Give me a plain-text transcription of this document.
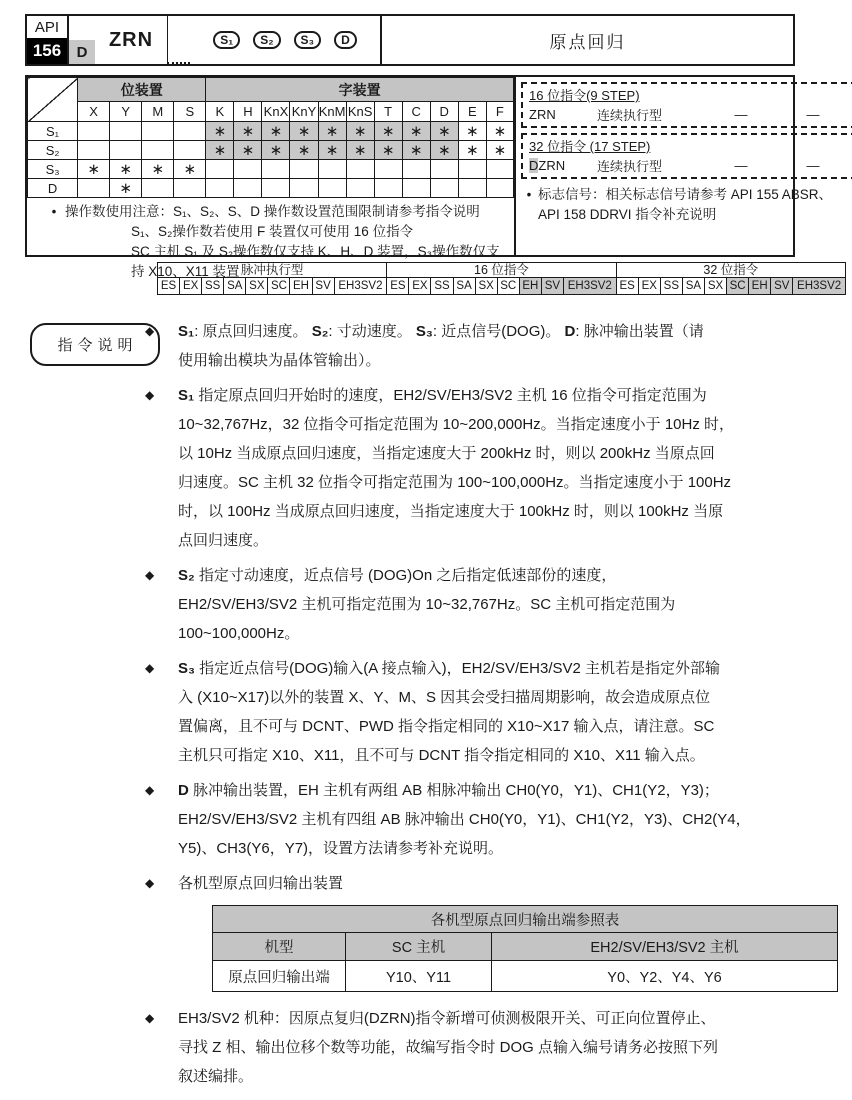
API
156	D
ZRN	S₁	S₂	S₃	D	原点回归
	位装置				字装置										
	X	Y	M	S	K	H	KnX	KnY	KnM	KnS	T	C	D	E	F
S₁					∗	∗	∗	∗	∗	∗	∗	∗	∗	∗	∗
S₂					∗	∗	∗	∗	∗	∗	∗	∗	∗	∗	∗
S₃	∗	∗	∗	∗											
D		∗													
• 操作数使用注意：S₁、S₂、S、D 操作数设置范围限制请参考指令说明
S₁、S₂操作数若使用 F 装置仅可使用 16 位指令
SC 主机 S₁ 及 S₂操作数仅支持 K、H、D 装置，S₃操作数仅支持 X10、X11 装置
16 位指令(9 STEP)
ZRN	连续执行型	—	—
32 位指令 (17 STEP)
DZRN	连续执行型	—	—
• 标志信号：相关标志信号请参考 API 155 ABSR、
API 158 DDRVI 指令补充说明
脉冲执行型
ES EX SS SA SX SC EH SV EH3SV2
16 位指令
ES EX SS SA SX SC EH SV EH3SV2
32 位指令
ES EX SS SA SX SC EH SV EH3SV2
指令说明
◆ S₁: 原点回归速度。 S₂: 寸动速度。 S₃: 近点信号(DOG)。 D: 脉冲输出装置（请
使用输出模块为晶体管输出）。
◆ S₁ 指定原点回归开始时的速度，EH2/SV/EH3/SV2 主机 16 位指令可指定范围为
10~32,767Hz，32 位指令可指定范围为 10~200,000Hz。当指定速度小于 10Hz 时，
以 10Hz 当成原点回归速度，当指定速度大于 200kHz 时，则以 200kHz 当原点回
归速度。SC 主机 32 位指令可指定范围为 100~100,000Hz。当指定速度小于 100Hz
时，以 100Hz 当成原点回归速度，当指定速度大于 100kHz 时，则以 100kHz 当原
点回归速度。
◆ S₂ 指定寸动速度，近点信号 (DOG)On 之后指定低速部份的速度，
EH2/SV/EH3/SV2 主机可指定范围为 10~32,767Hz。SC 主机可指定范围为
100~100,000Hz。
◆ S₃ 指定近点信号(DOG)输入(A 接点输入)，EH2/SV/EH3/SV2 主机若是指定外部输
入 (X10~X17)以外的装置 X、Y、M、S 因其会受扫描周期影响，故会造成原点位
置偏离，且不可与 DCNT、PWD 指令指定相同的 X10~X17 输入点，请注意。SC
主机只可指定 X10、X11，且不可与 DCNT 指令指定相同的 X10、X11 输入点。
◆ D 脉冲输出装置，EH 主机有两组 AB 相脉冲输出 CH0(Y0，Y1)、CH1(Y2，Y3)；
EH2/SV/EH3/SV2 主机有四组 AB 脉冲输出 CH0(Y0，Y1)、CH1(Y2，Y3)、CH2(Y4，
Y5)、CH3(Y6，Y7)，设置方法请参考补充说明。
◆ 各机型原点回归输出装置
各机型原点回归输出端参照表		
机型	SC 主机	EH2/SV/EH3/SV2 主机
原点回归输出端	Y10、Y11	Y0、Y2、Y4、Y6
◆ EH3/SV2 机种：因原点复归(DZRN)指令新增可侦测极限开关、可正向位置停止、
寻找 Z 相、输出位移个数等功能，故编写指令时 DOG 点输入编号请务必按照下列
叙述编排。
